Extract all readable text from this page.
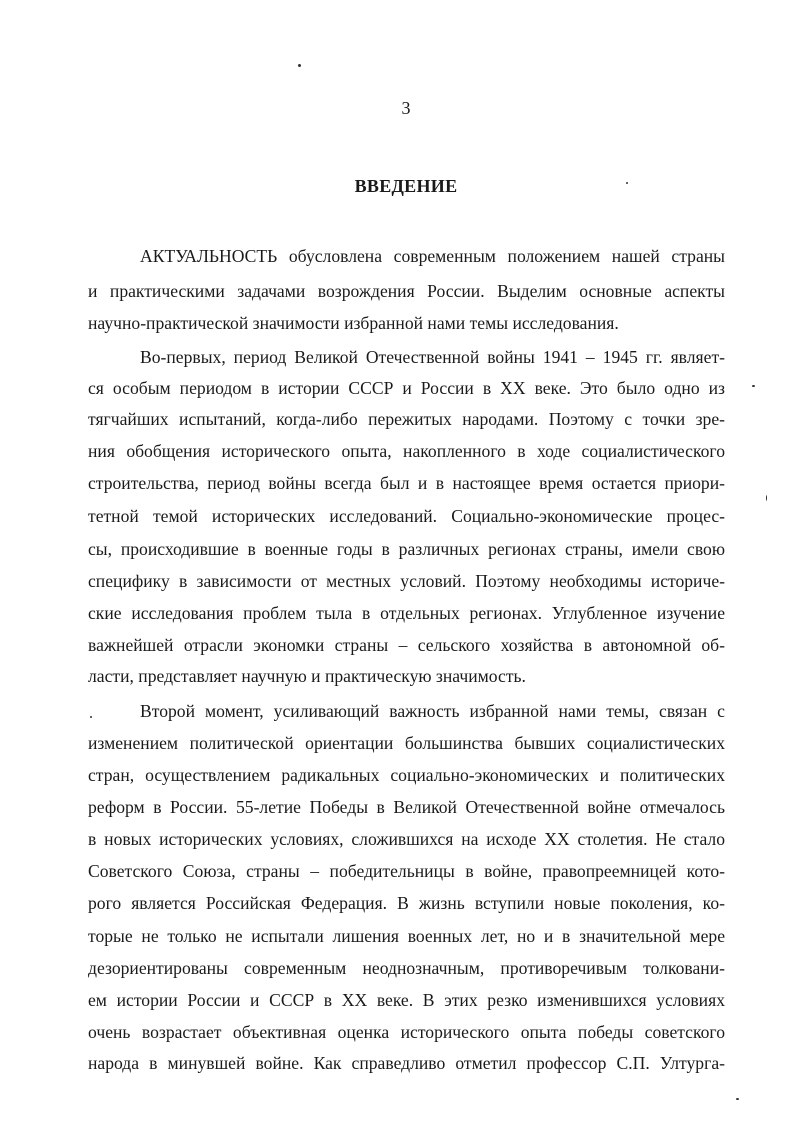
3
ВВЕДЕНИЕ
АКТУАЛЬНОСТЬ обусловлена современным положением нашей страны
и практическими задачами возрождения России. Выделим основные аспекты
научно-практической значимости избранной нами темы исследования.
Во-первых, период Великой Отечественной войны 1941 – 1945 гг. являет-
ся особым периодом в истории СССР и России в XX веке. Это было одно из
тягчайших испытаний, когда-либо пережитых народами. Поэтому с точки зре-
ния обобщения исторического опыта, накопленного в ходе социалистического
строительства, период войны всегда был и в настоящее время остается приори-
тетной темой исторических исследований. Социально-экономические процес-
сы, происходившие в военные годы в различных регионах страны, имели свою
специфику в зависимости от местных условий. Поэтому необходимы историче-
ские исследования проблем тыла в отдельных регионах. Углубленное изучение
важнейшей отрасли экономки страны – сельского хозяйства в автономной об-
ласти, представляет научную и практическую значимость.
Второй момент, усиливающий важность избранной нами темы, связан с
изменением политической ориентации большинства бывших социалистических
стран, осуществлением радикальных социально-экономических и политических
реформ в России. 55-летие Победы в Великой Отечественной войне отмечалось
в новых исторических условиях, сложившихся на исходе XX столетия. Не стало
Советского Союза, страны – победительницы в войне, правопреемницей кото-
рого является Российская Федерация. В жизнь вступили новые поколения, ко-
торые не только не испытали лишения военных лет, но и в значительной мере
дезориентированы современным неоднозначным, противоречивым толковани-
ем истории России и СССР в XX веке. В этих резко изменившихся условиях
очень возрастает объективная оценка исторического опыта победы советского
народа в минувшей войне. Как справедливо отметил профессор С.П. Ултурга-
